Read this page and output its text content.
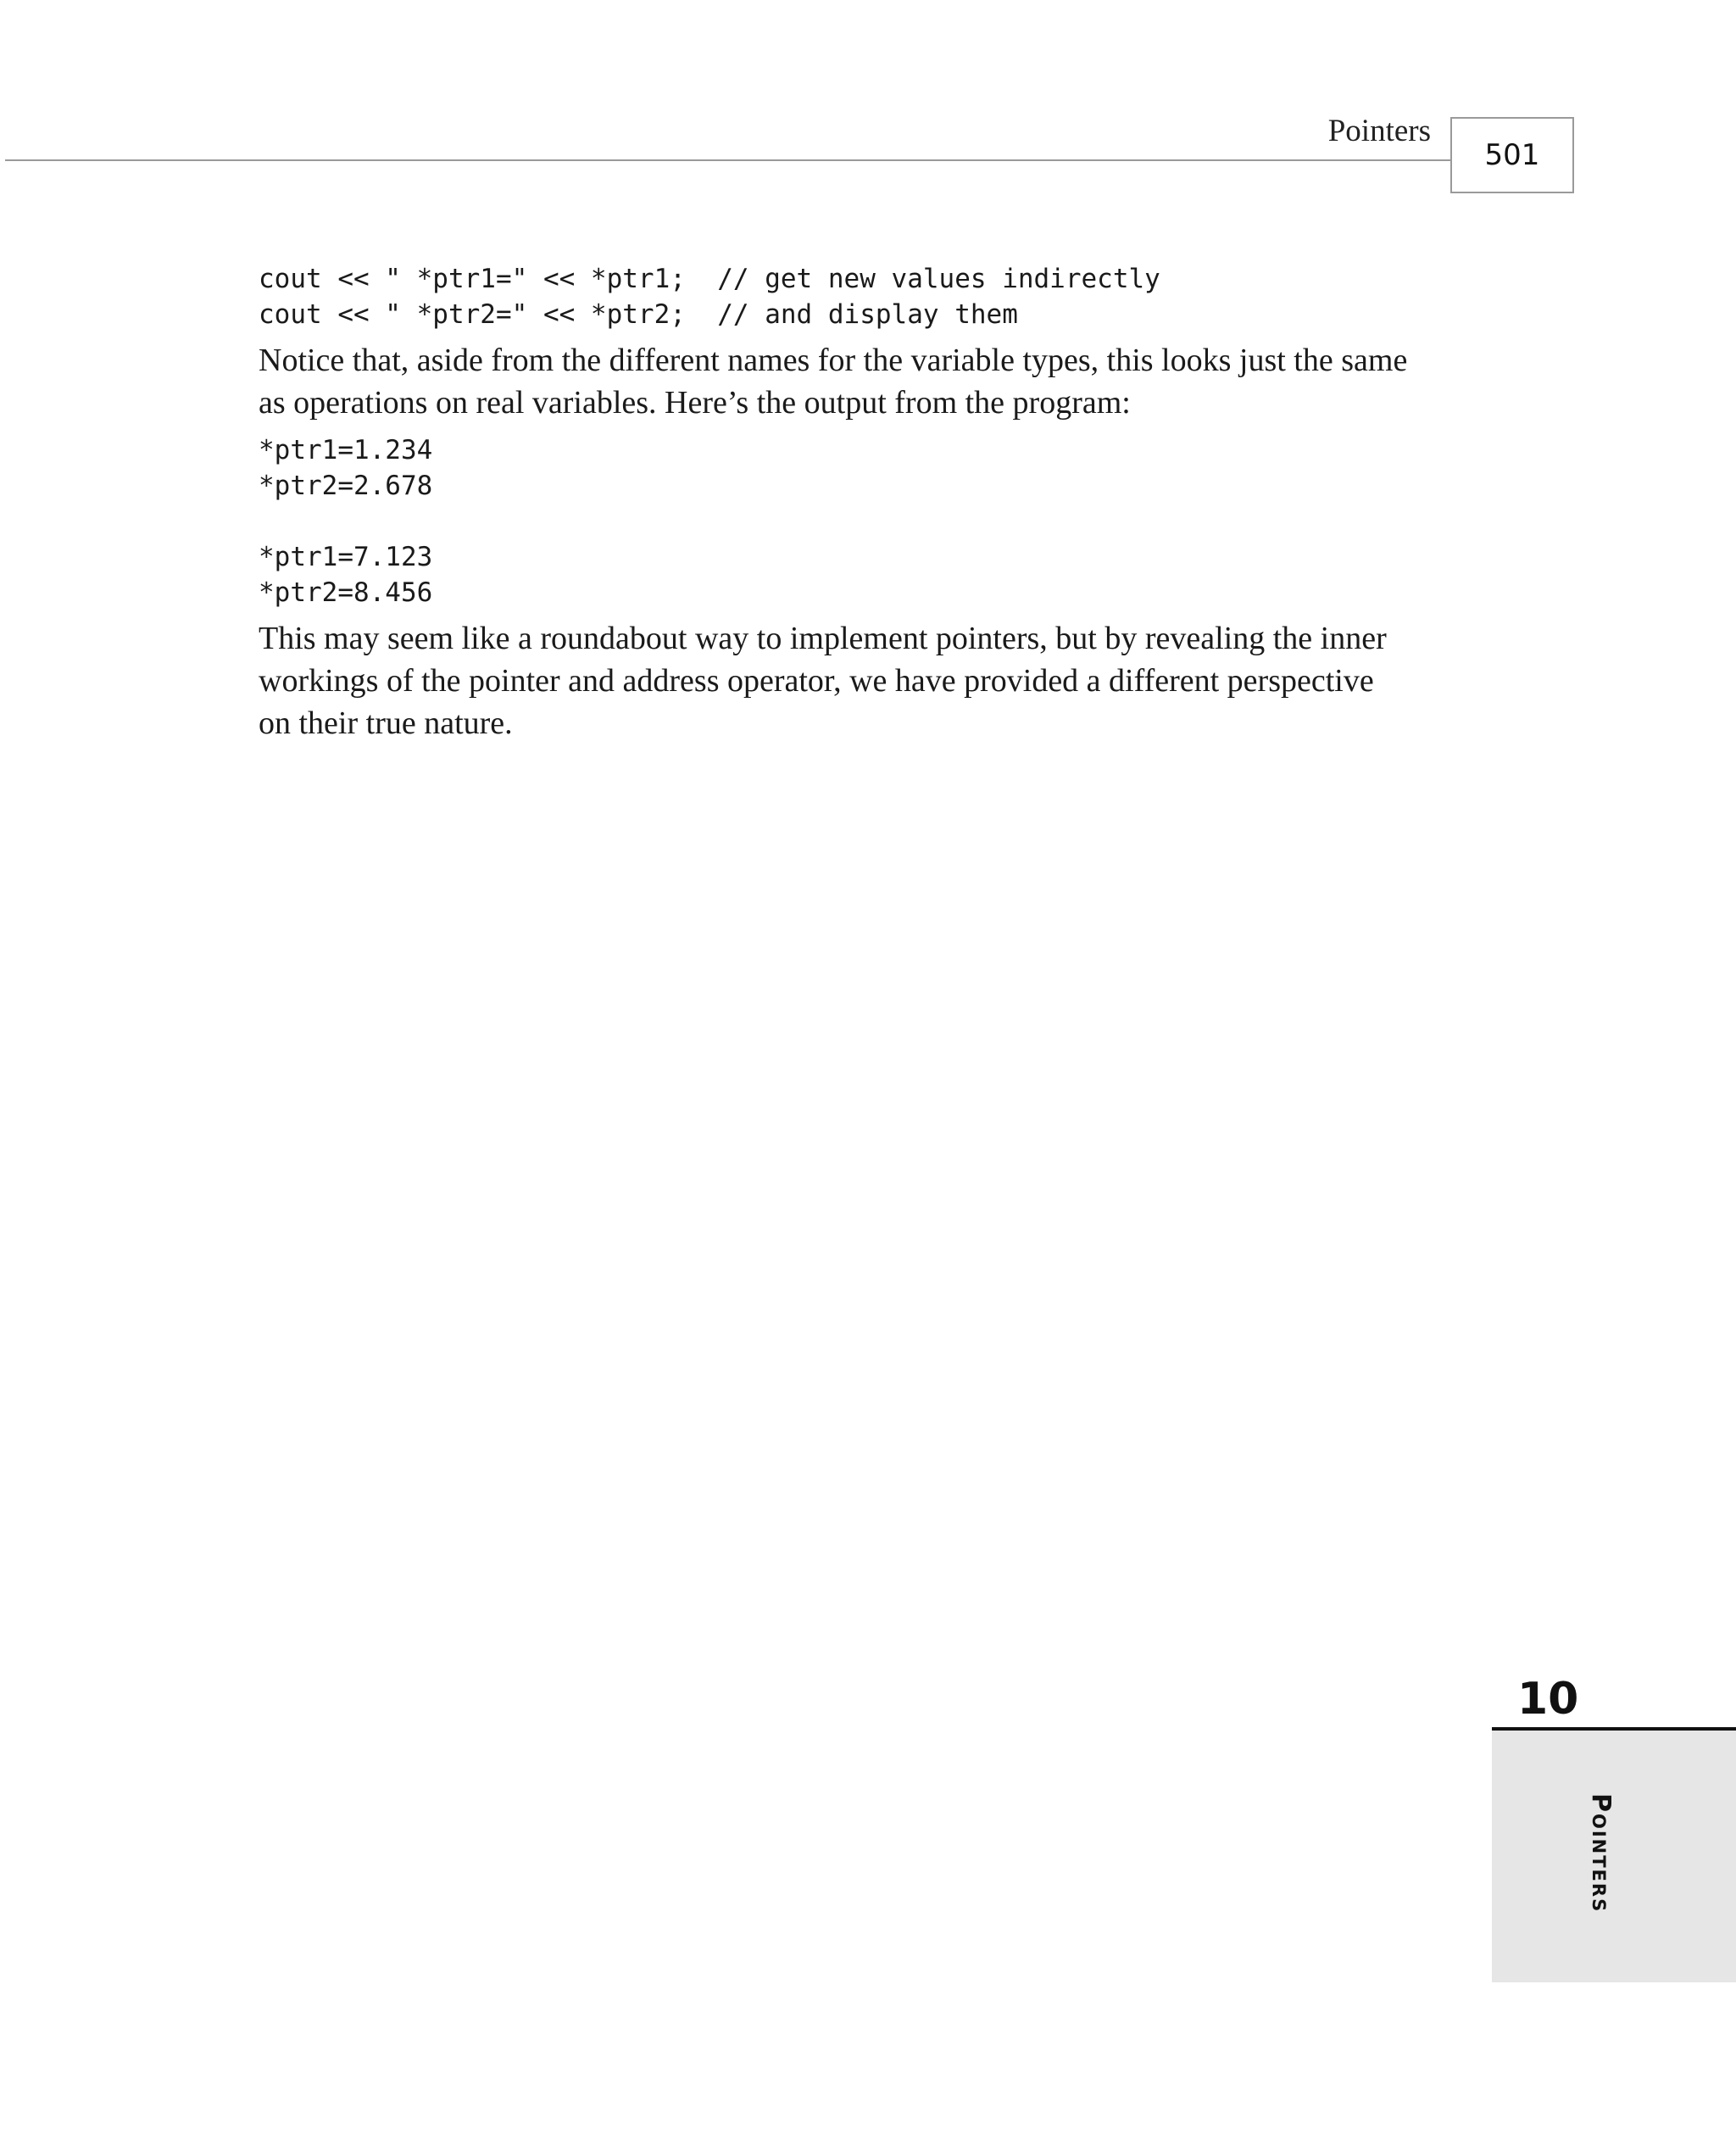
Pointers
501
cout << " *ptr1=" << *ptr1;  // get new values indirectly
cout << " *ptr2=" << *ptr2;  // and display them
Notice that, aside from the different names for the variable types, this looks just the same
as operations on real variables. Here’s the output from the program:
*ptr1=1.234
*ptr2=2.678
*ptr1=7.123
*ptr2=8.456
This may seem like a roundabout way to implement pointers, but by revealing the inner
workings of the pointer and address operator, we have provided a different perspective
on their true nature.
10
Pointers
